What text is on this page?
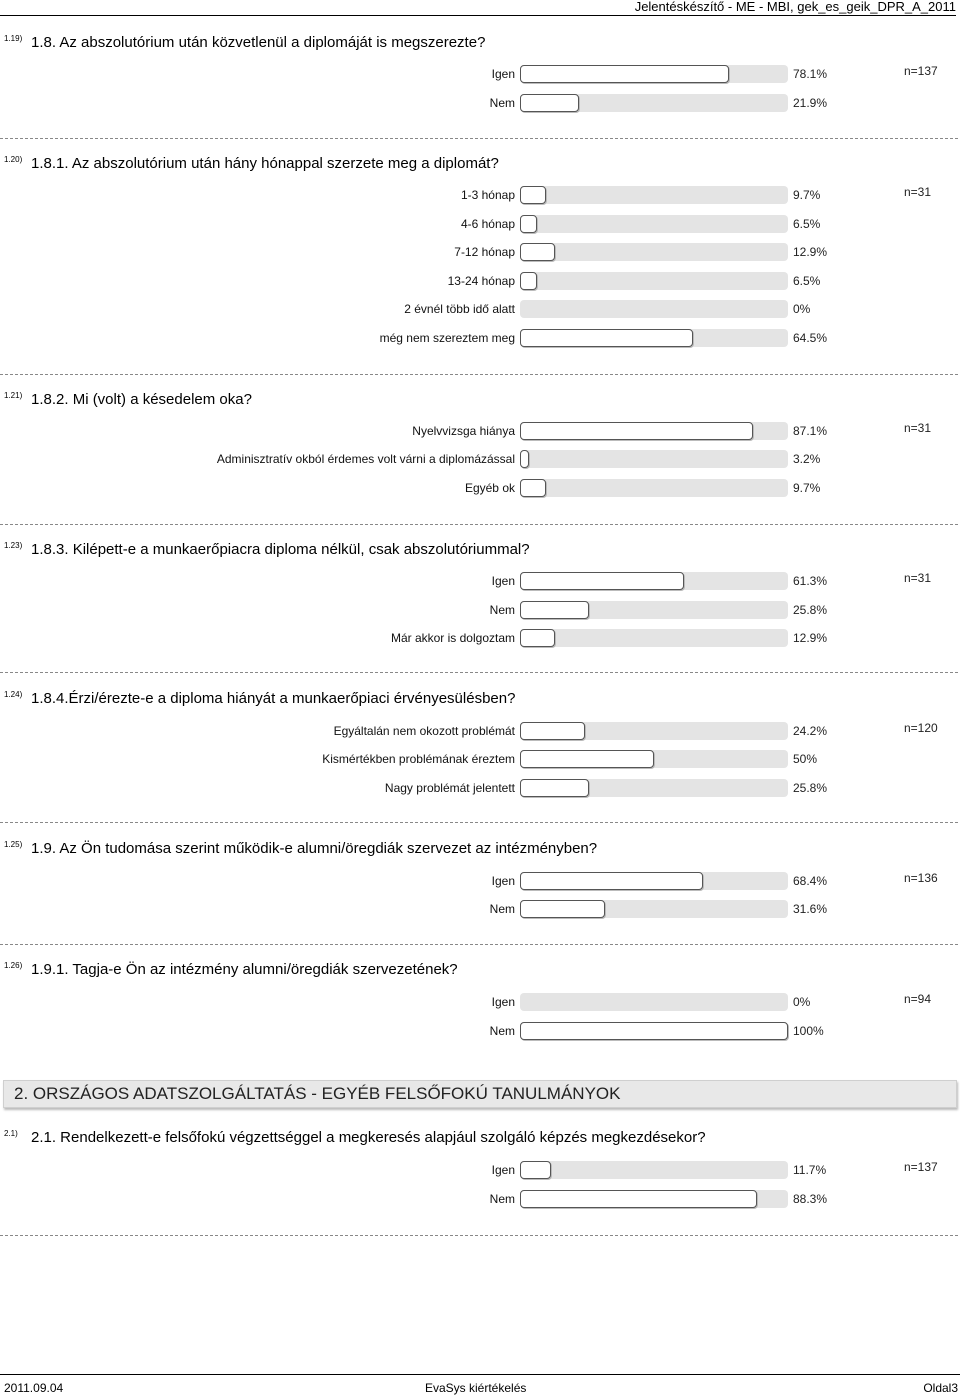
Jelentéskészítő - ME - MBI, gek_es_geik_DPR_A_2011
1.19) 1.8. Az abszolutórium után közvetlenül a diplomáját is megszerezte?
Igen	78.1%	n=137
Nem	21.9%
1.20) 1.8.1. Az abszolutórium után hány hónappal szerzete meg a diplomát?
1-3 hónap	9.7%	n=31
4-6 hónap	6.5%
7-12 hónap	12.9%
13-24 hónap	6.5%
2 évnél több idő alatt	0%
még nem szereztem meg	64.5%
1.21) 1.8.2. Mi (volt) a késedelem oka?
Nyelvvizsga hiánya	87.1%	n=31
Adminisztratív okból érdemes volt várni a diplomázással	3.2%
Egyéb ok	9.7%
1.23) 1.8.3. Kilépett-e a munkaerőpiacra diploma nélkül, csak abszolutóriummal?
Igen	61.3%	n=31
Nem	25.8%
Már akkor is dolgoztam	12.9%
1.24) 1.8.4.Érzi/érezte-e a diploma hiányát a munkaerőpiaci érvényesülésben?
Egyáltalán nem okozott problémát	24.2%	n=120
Kismértékben problémának éreztem	50%
Nagy problémát jelentett	25.8%
1.25) 1.9. Az Ön tudomása szerint működik-e alumni/öregdiák szervezet az intézményben?
Igen	68.4%	n=136
Nem	31.6%
1.26) 1.9.1. Tagja-e Ön az intézmény alumni/öregdiák szervezetének?
Igen	0%	n=94
Nem	100%
2.1) 2.1. Rendelkezett-e felsőfokú végzettséggel a megkeresés alapjául szolgáló képzés megkezdésekor?
Igen	11.7%	n=137
Nem	88.3%
2. ORSZÁGOS ADATSZOLGÁLTATÁS - EGYÉB FELSŐFOKÚ TANULMÁNYOK
2011.09.04	EvaSys kiértékelés	Oldal3
